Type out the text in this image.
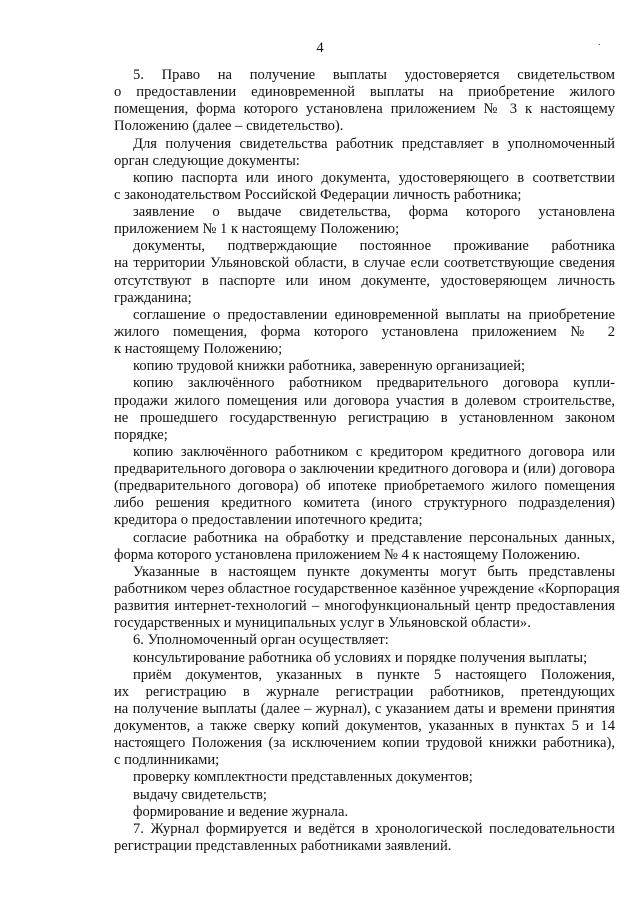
4	.
5. Право на получение выплаты удостоверяется свидетельством
о предоставлении единовременной выплаты на приобретение жилого
помещения, форма которого установлена приложением № 3 к настоящему
Положению (далее – свидетельство).
Для получения свидетельства работник представляет в уполномоченный
орган следующие документы:
копию паспорта или иного документа, удостоверяющего в соответствии
с законодательством Российской Федерации личность работника;
заявление о выдаче свидетельства, форма которого установлена
приложением № 1 к настоящему Положению;
документы, подтверждающие постоянное проживание работника
на территории Ульяновской области, в случае если соответствующие сведения
отсутствуют в паспорте или ином документе, удостоверяющем личность
гражданина;
соглашение о предоставлении единовременной выплаты на приобретение
жилого помещения, форма которого установлена приложением № 2
к настоящему Положению;
копию трудовой книжки работника, заверенную организацией;
копию заключённого работником предварительного договора купли-
продажи жилого помещения или договора участия в долевом строительстве,
не прошедшего государственную регистрацию в установленном законом
порядке;
копию заключённого работником с кредитором кредитного договора или
предварительного договора о заключении кредитного договора и (или) договора
(предварительного договора) об ипотеке приобретаемого жилого помещения
либо решения кредитного комитета (иного структурного подразделения)
кредитора о предоставлении ипотечного кредита;
согласие работника на обработку и представление персональных данных,
форма которого установлена приложением № 4 к настоящему Положению.
Указанные в настоящем пункте документы могут быть представлены
работником через областное государственное казённое учреждение «Корпорация
развития интернет-технологий – многофункциональный центр предоставления
государственных и муниципальных услуг в Ульяновской области».
6. Уполномоченный орган осуществляет:
консультирование работника об условиях и порядке получения выплаты;
приём документов, указанных в пункте 5 настоящего Положения,
их регистрацию в журнале регистрации работников, претендующих
на получение выплаты (далее – журнал), с указанием даты и времени принятия
документов, а также сверку копий документов, указанных в пунктах 5 и 14
настоящего Положения (за исключением копии трудовой книжки работника),
с подлинниками;
проверку комплектности представленных документов;
выдачу свидетельств;
формирование и ведение журнала.
7. Журнал формируется и ведётся в хронологической последовательности
регистрации представленных работниками заявлений.
